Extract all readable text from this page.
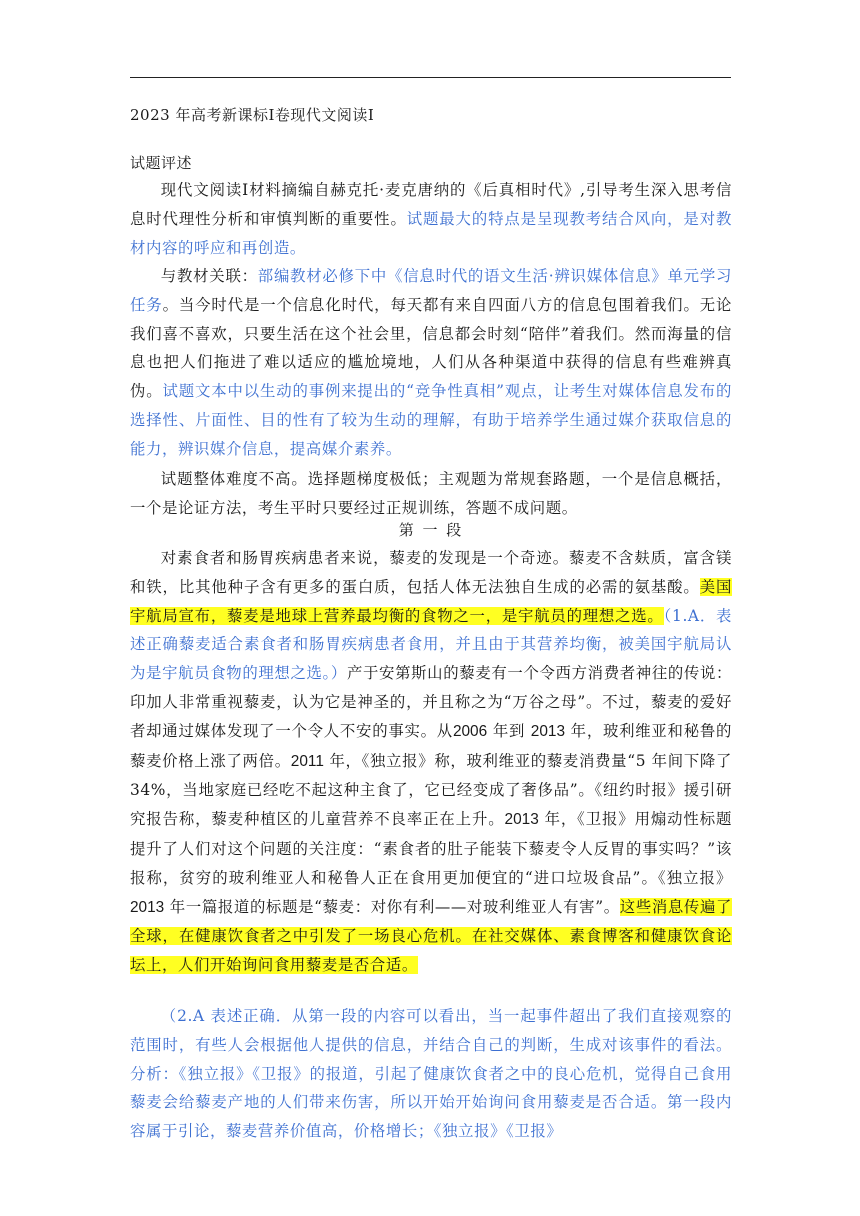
2023 年高考新课标Ⅰ卷现代文阅读Ⅰ
试题评述

现代文阅读Ⅰ材料摘编自赫克托·麦克唐纳的《后真相时代》,引导考生深入思考信息时代理性分析和审慎判断的重要性。试题最大的特点是呈现教考结合风向，是对教材内容的呼应和再创造。

与教材关联：部编教材必修下中《信息时代的语文生活·辨识媒体信息》单元学习任务。当今时代是一个信息化时代，每天都有来自四面八方的信息包围着我们。无论我们喜不喜欢，只要生活在这个社会里，信息都会时刻“陪伴”着我们。然而海量的信息也把人们拖进了难以适应的尴尬境地，人们从各种渠道中获得的信息有些难辨真伪。试题文本中以生动的事例来提出的“竞争性真相”观点，让考生对媒体信息发布的选择性、片面性、目的性有了较为生动的理解，有助于培养学生通过媒介获取信息的能力，辨识媒介信息，提高媒介素养。

试题整体难度不高。选择题梯度极低；主观题为常规套路题，一个是信息概括，一个是论证方法，考生平时只要经过正规训练，答题不成问题。

第 一 段

对素食者和肠胃疾病患者来说，藜麦的发现是一个奇迹。藜麦不含麸质，富含镁和铁，比其他种子含有更多的蛋白质，包括人体无法独自生成的必需的氨基酸。美国宇航局宣布，藜麦是地球上营养最均衡的食物之一，是宇航员的理想之选。（1.A．表述正确藜麦适合素食者和肠胃疾病患者食用，并且由于其营养均衡，被美国宇航局认为是宇航员食物的理想之选。）产于安第斯山的藜麦有一个令西方消费者神往的传说：印加人非常重视藜麦，认为它是神圣的，并且称之为“万谷之母”。不过，藜麦的爱好者却通过媒体发现了一个令人不安的事实。从2006 年到 2013 年，玻利维亚和秘鲁的藜麦价格上涨了两倍。2011 年，《独立报》称，玻利维亚的藜麦消费量“5 年间下降了 34%，当地家庭已经吃不起这种主食了，它已经变成了奢侈品”。《纽约时报》援引研究报告称，藜麦种植区的儿童营养不良率正在上升。2013 年，《卫报》用煽动性标题提升了人们对这个问题的关注度：“素食者的肚子能装下藜麦令人反胃的事实吗？”该报称，贫穷的玻利维亚人和秘鲁人正在食用更加便宜的“进口垃圾食品”。《独立报》2013 年一篇报道的标题是“藜麦：对你有利——对玻利维亚人有害”。这些消息传遍了全球，在健康饮食者之中引发了一场良心危机。在社交媒体、素食博客和健康饮食论坛上，人们开始询问食用藜麦是否合适。

（2.A 表述正确．从第一段的内容可以看出，当一起事件超出了我们直接观察的范围时，有些人会根据他人提供的信息，并结合自己的判断，生成对该事件的看法。分析：《独立报》《卫报》的报道，引起了健康饮食者之中的良心危机，觉得自己食用藜麦会给藜麦产地的人们带来伤害，所以开始开始询问食用藜麦是否合适。第一段内容属于引论，藜麦营养价值高，价格增长；《独立报》《卫报》
